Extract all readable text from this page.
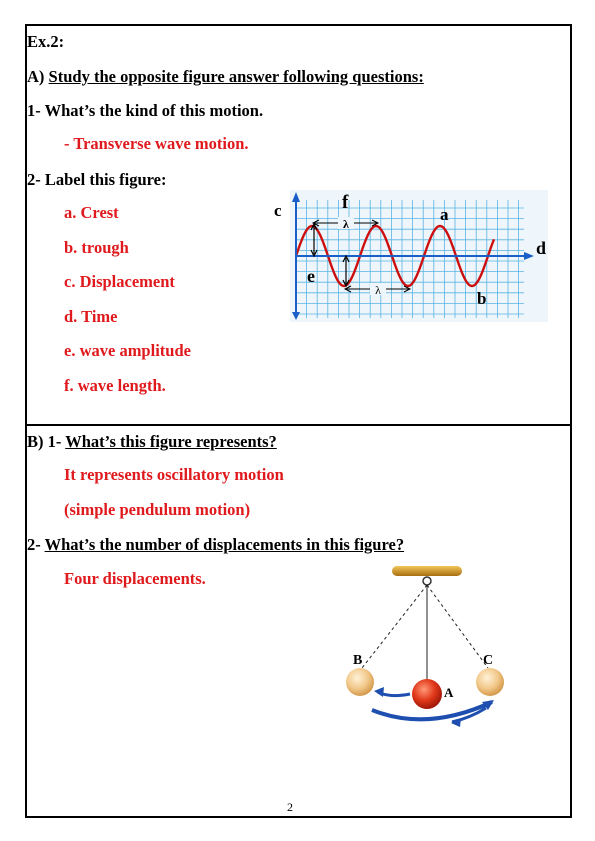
Ex.2:
A) Study the opposite figure answer following questions:
1- What’s the kind of this motion.
- Transverse wave motion.
2- Label this figure:
a. Crest
b. trough
c. Displacement
d. Time
e. wave amplitude
f. wave length.
λ
λ
c	f
a
d
e
b
B) 1- What’s this figure represents?
It represents oscillatory motion
(simple pendulum motion)
2- What’s the number of displacements in this figure?
Four displacements.
B	C
A
2
